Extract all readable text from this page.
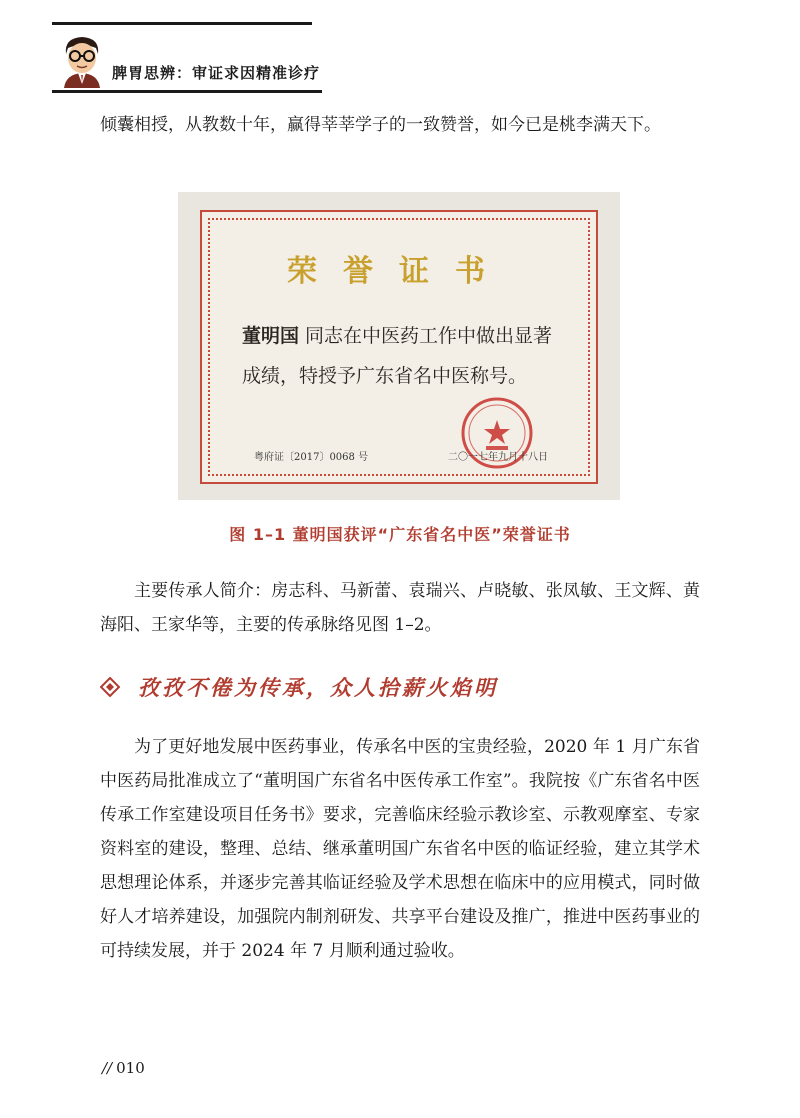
脾胃思辨：审证求因精准诊疗
倾囊相授，从教数十年，赢得莘莘学子的一致赞誉，如今已是桃李满天下。
荣誉证书
董明国 同志在中医药工作中做出显著成绩，特授予广东省名中医称号。
粤府证〔2017〕0068 号	二〇一七年九月十八日
图 1–1 董明国获评“广东省名中医”荣誉证书
主要传承人简介：房志科、马新蕾、袁瑞兴、卢晓敏、张凤敏、王文辉、黄海阳、王家华等，主要的传承脉络见图 1–2。
孜孜不倦为传承，众人拾薪火焰明
为了更好地发展中医药事业，传承名中医的宝贵经验，2020 年 1 月广东省中医药局批准成立了“董明国广东省名中医传承工作室”。我院按《广东省名中医传承工作室建设项目任务书》要求，完善临床经验示教诊室、示教观摩室、专家资料室的建设，整理、总结、继承董明国广东省名中医的临证经验，建立其学术思想理论体系，并逐步完善其临证经验及学术思想在临床中的应用模式，同时做好人才培养建设，加强院内制剂研发、共享平台建设及推广，推进中医药事业的可持续发展，并于 2024 年 7 月顺利通过验收。
// 010
